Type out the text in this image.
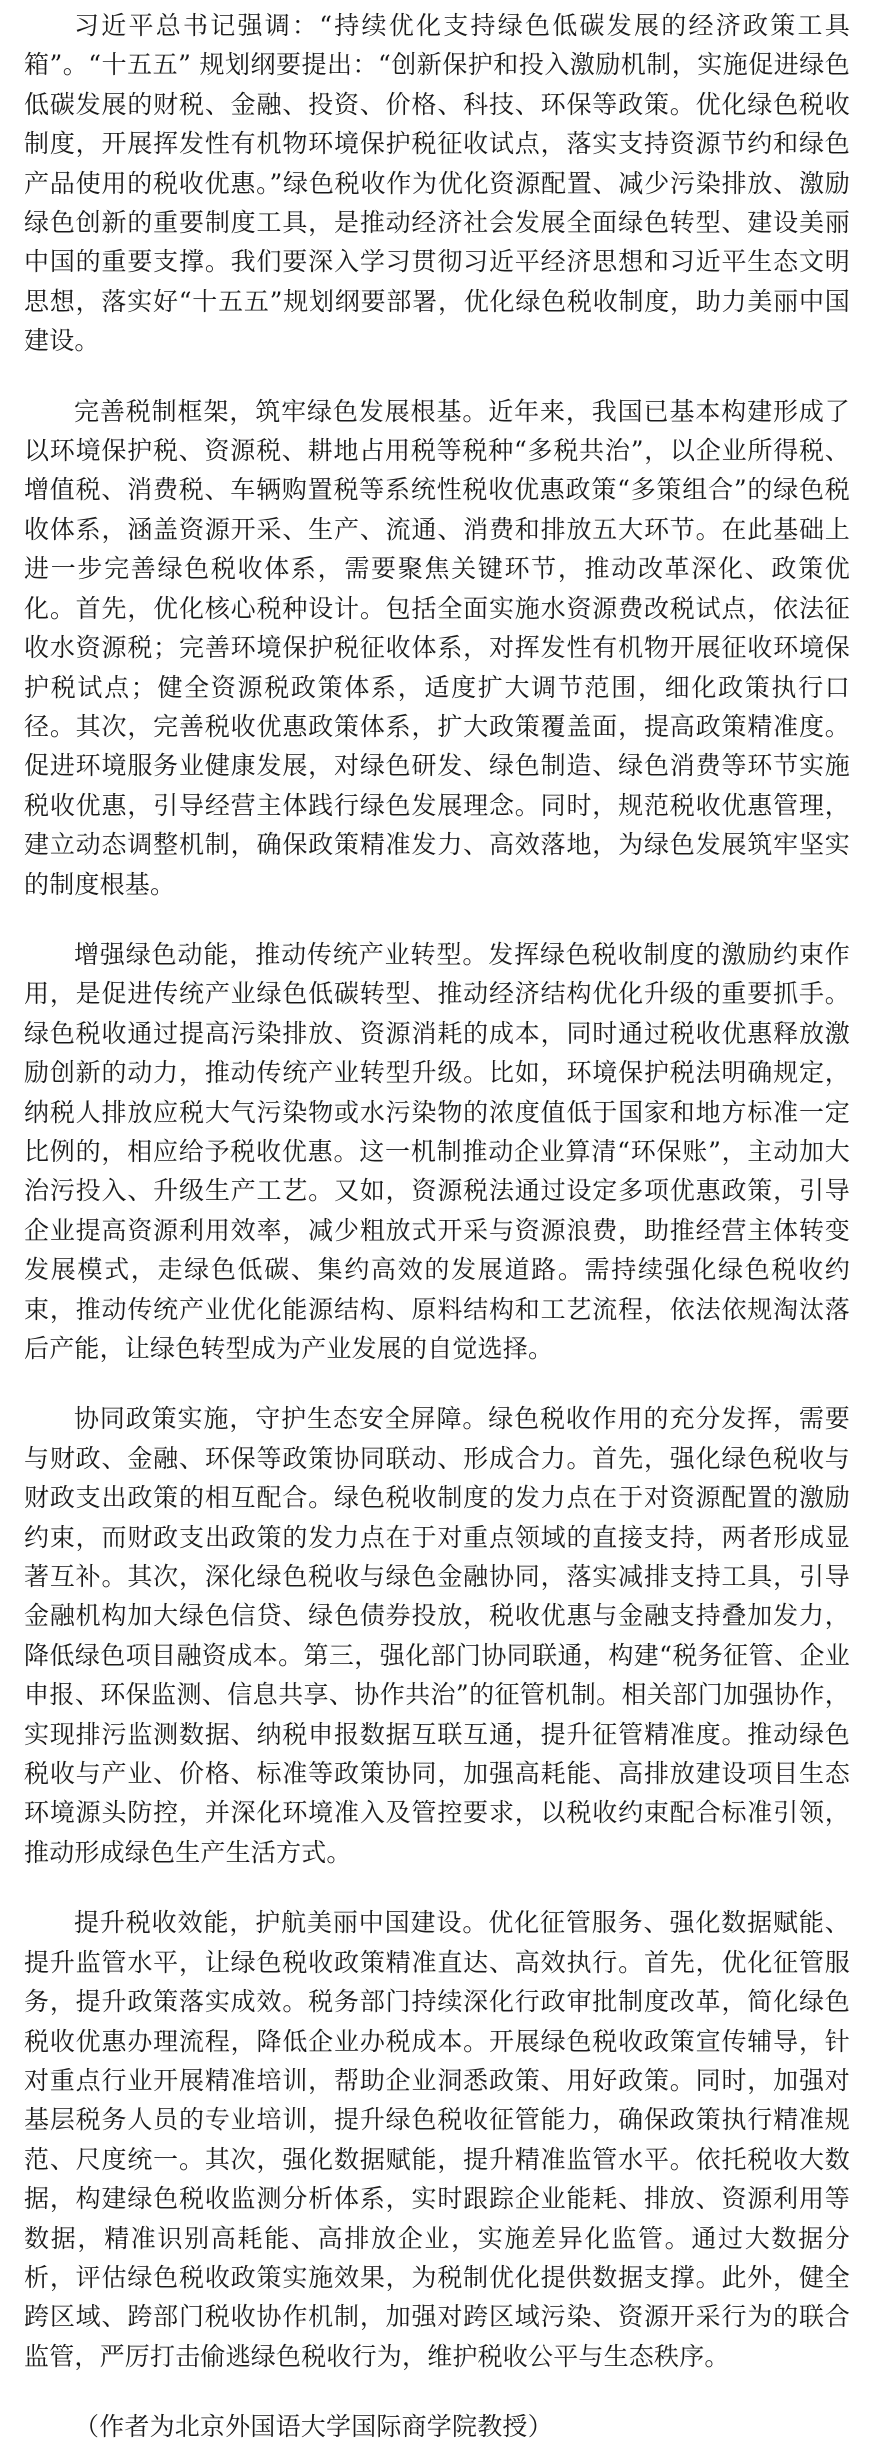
习近平总书记强调：“持续优化支持绿色低碳发展的经济政策工具箱”。“十五五” 规划纲要提出：“创新保护和投入激励机制，实施促进绿色低碳发展的财税、金融、投资、价格、科技、环保等政策。优化绿色税收制度，开展挥发性有机物环境保护税征收试点，落实支持资源节约和绿色产品使用的税收优惠。”绿色税收作为优化资源配置、减少污染排放、激励绿色创新的重要制度工具，是推动经济社会发展全面绿色转型、建设美丽中国的重要支撑。我们要深入学习贯彻习近平经济思想和习近平生态文明思想，落实好“十五五”规划纲要部署，优化绿色税收制度，助力美丽中国建设。

完善税制框架，筑牢绿色发展根基。近年来，我国已基本构建形成了以环境保护税、资源税、耕地占用税等税种“多税共治”，以企业所得税、增值税、消费税、车辆购置税等系统性税收优惠政策“多策组合”的绿色税收体系，涵盖资源开采、生产、流通、消费和排放五大环节。在此基础上进一步完善绿色税收体系，需要聚焦关键环节，推动改革深化、政策优化。首先，优化核心税种设计。包括全面实施水资源费改税试点，依法征收水资源税；完善环境保护税征收体系，对挥发性有机物开展征收环境保护税试点；健全资源税政策体系，适度扩大调节范围，细化政策执行口径。其次，完善税收优惠政策体系，扩大政策覆盖面，提高政策精准度。促进环境服务业健康发展，对绿色研发、绿色制造、绿色消费等环节实施税收优惠，引导经营主体践行绿色发展理念。同时，规范税收优惠管理，建立动态调整机制，确保政策精准发力、高效落地，为绿色发展筑牢坚实的制度根基。

增强绿色动能，推动传统产业转型。发挥绿色税收制度的激励约束作用，是促进传统产业绿色低碳转型、推动经济结构优化升级的重要抓手。绿色税收通过提高污染排放、资源消耗的成本，同时通过税收优惠释放激励创新的动力，推动传统产业转型升级。比如，环境保护税法明确规定，纳税人排放应税大气污染物或水污染物的浓度值低于国家和地方标准一定比例的，相应给予税收优惠。这一机制推动企业算清“环保账”，主动加大治污投入、升级生产工艺。又如，资源税法通过设定多项优惠政策，引导企业提高资源利用效率，减少粗放式开采与资源浪费，助推经营主体转变发展模式，走绿色低碳、集约高效的发展道路。需持续强化绿色税收约束，推动传统产业优化能源结构、原料结构和工艺流程，依法依规淘汰落后产能，让绿色转型成为产业发展的自觉选择。

协同政策实施，守护生态安全屏障。绿色税收作用的充分发挥，需要与财政、金融、环保等政策协同联动、形成合力。首先，强化绿色税收与财政支出政策的相互配合。绿色税收制度的发力点在于对资源配置的激励约束，而财政支出政策的发力点在于对重点领域的直接支持，两者形成显著互补。其次，深化绿色税收与绿色金融协同，落实减排支持工具，引导金融机构加大绿色信贷、绿色债券投放，税收优惠与金融支持叠加发力，降低绿色项目融资成本。第三，强化部门协同联通，构建“税务征管、企业申报、环保监测、信息共享、协作共治”的征管机制。相关部门加强协作，实现排污监测数据、纳税申报数据互联互通，提升征管精准度。推动绿色税收与产业、价格、标准等政策协同，加强高耗能、高排放建设项目生态环境源头防控，并深化环境准入及管控要求，以税收约束配合标准引领，推动形成绿色生产生活方式。

提升税收效能，护航美丽中国建设。优化征管服务、强化数据赋能、提升监管水平，让绿色税收政策精准直达、高效执行。首先，优化征管服务，提升政策落实成效。税务部门持续深化行政审批制度改革，简化绿色税收优惠办理流程，降低企业办税成本。开展绿色税收政策宣传辅导，针对重点行业开展精准培训，帮助企业洞悉政策、用好政策。同时，加强对基层税务人员的专业培训，提升绿色税收征管能力，确保政策执行精准规范、尺度统一。其次，强化数据赋能，提升精准监管水平。依托税收大数据，构建绿色税收监测分析体系，实时跟踪企业能耗、排放、资源利用等数据，精准识别高耗能、高排放企业，实施差异化监管。通过大数据分析，评估绿色税收政策实施效果，为税制优化提供数据支撑。此外，健全跨区域、跨部门税收协作机制，加强对跨区域污染、资源开采行为的联合监管，严厉打击偷逃绿色税收行为，维护税收公平与生态秩序。

（作者为北京外国语大学国际商学院教授）
